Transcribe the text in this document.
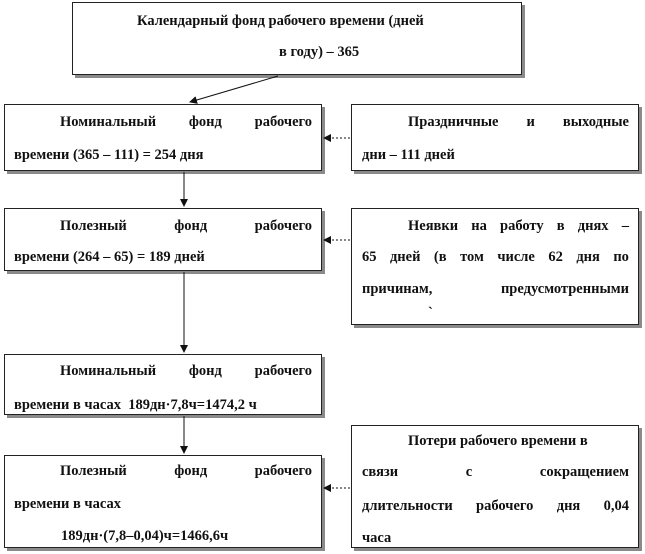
Календарный фонд рабочего времени (дней
в году) – 365
Номинальный фонд рабочего
времени (365 – 111) = 254 дня
Праздничные и выходные
дни – 111 дней
Полезный	фонд	рабочего
времени (264 – 65) = 189 дней
Неявки на работу в днях –
65 дней (в том числе 62 дня по
причинам,	предусмотренными
`
Номинальный фонд рабочего
времени в часах  189дн·7,8ч=1474,2 ч
Полезный	фонд	рабочего
времени в часах
189дн·(7,8–0,04)ч=1466,6ч
Потери рабочего времени в
связи	с	сокращением
длительности рабочего дня 0,04
часа
